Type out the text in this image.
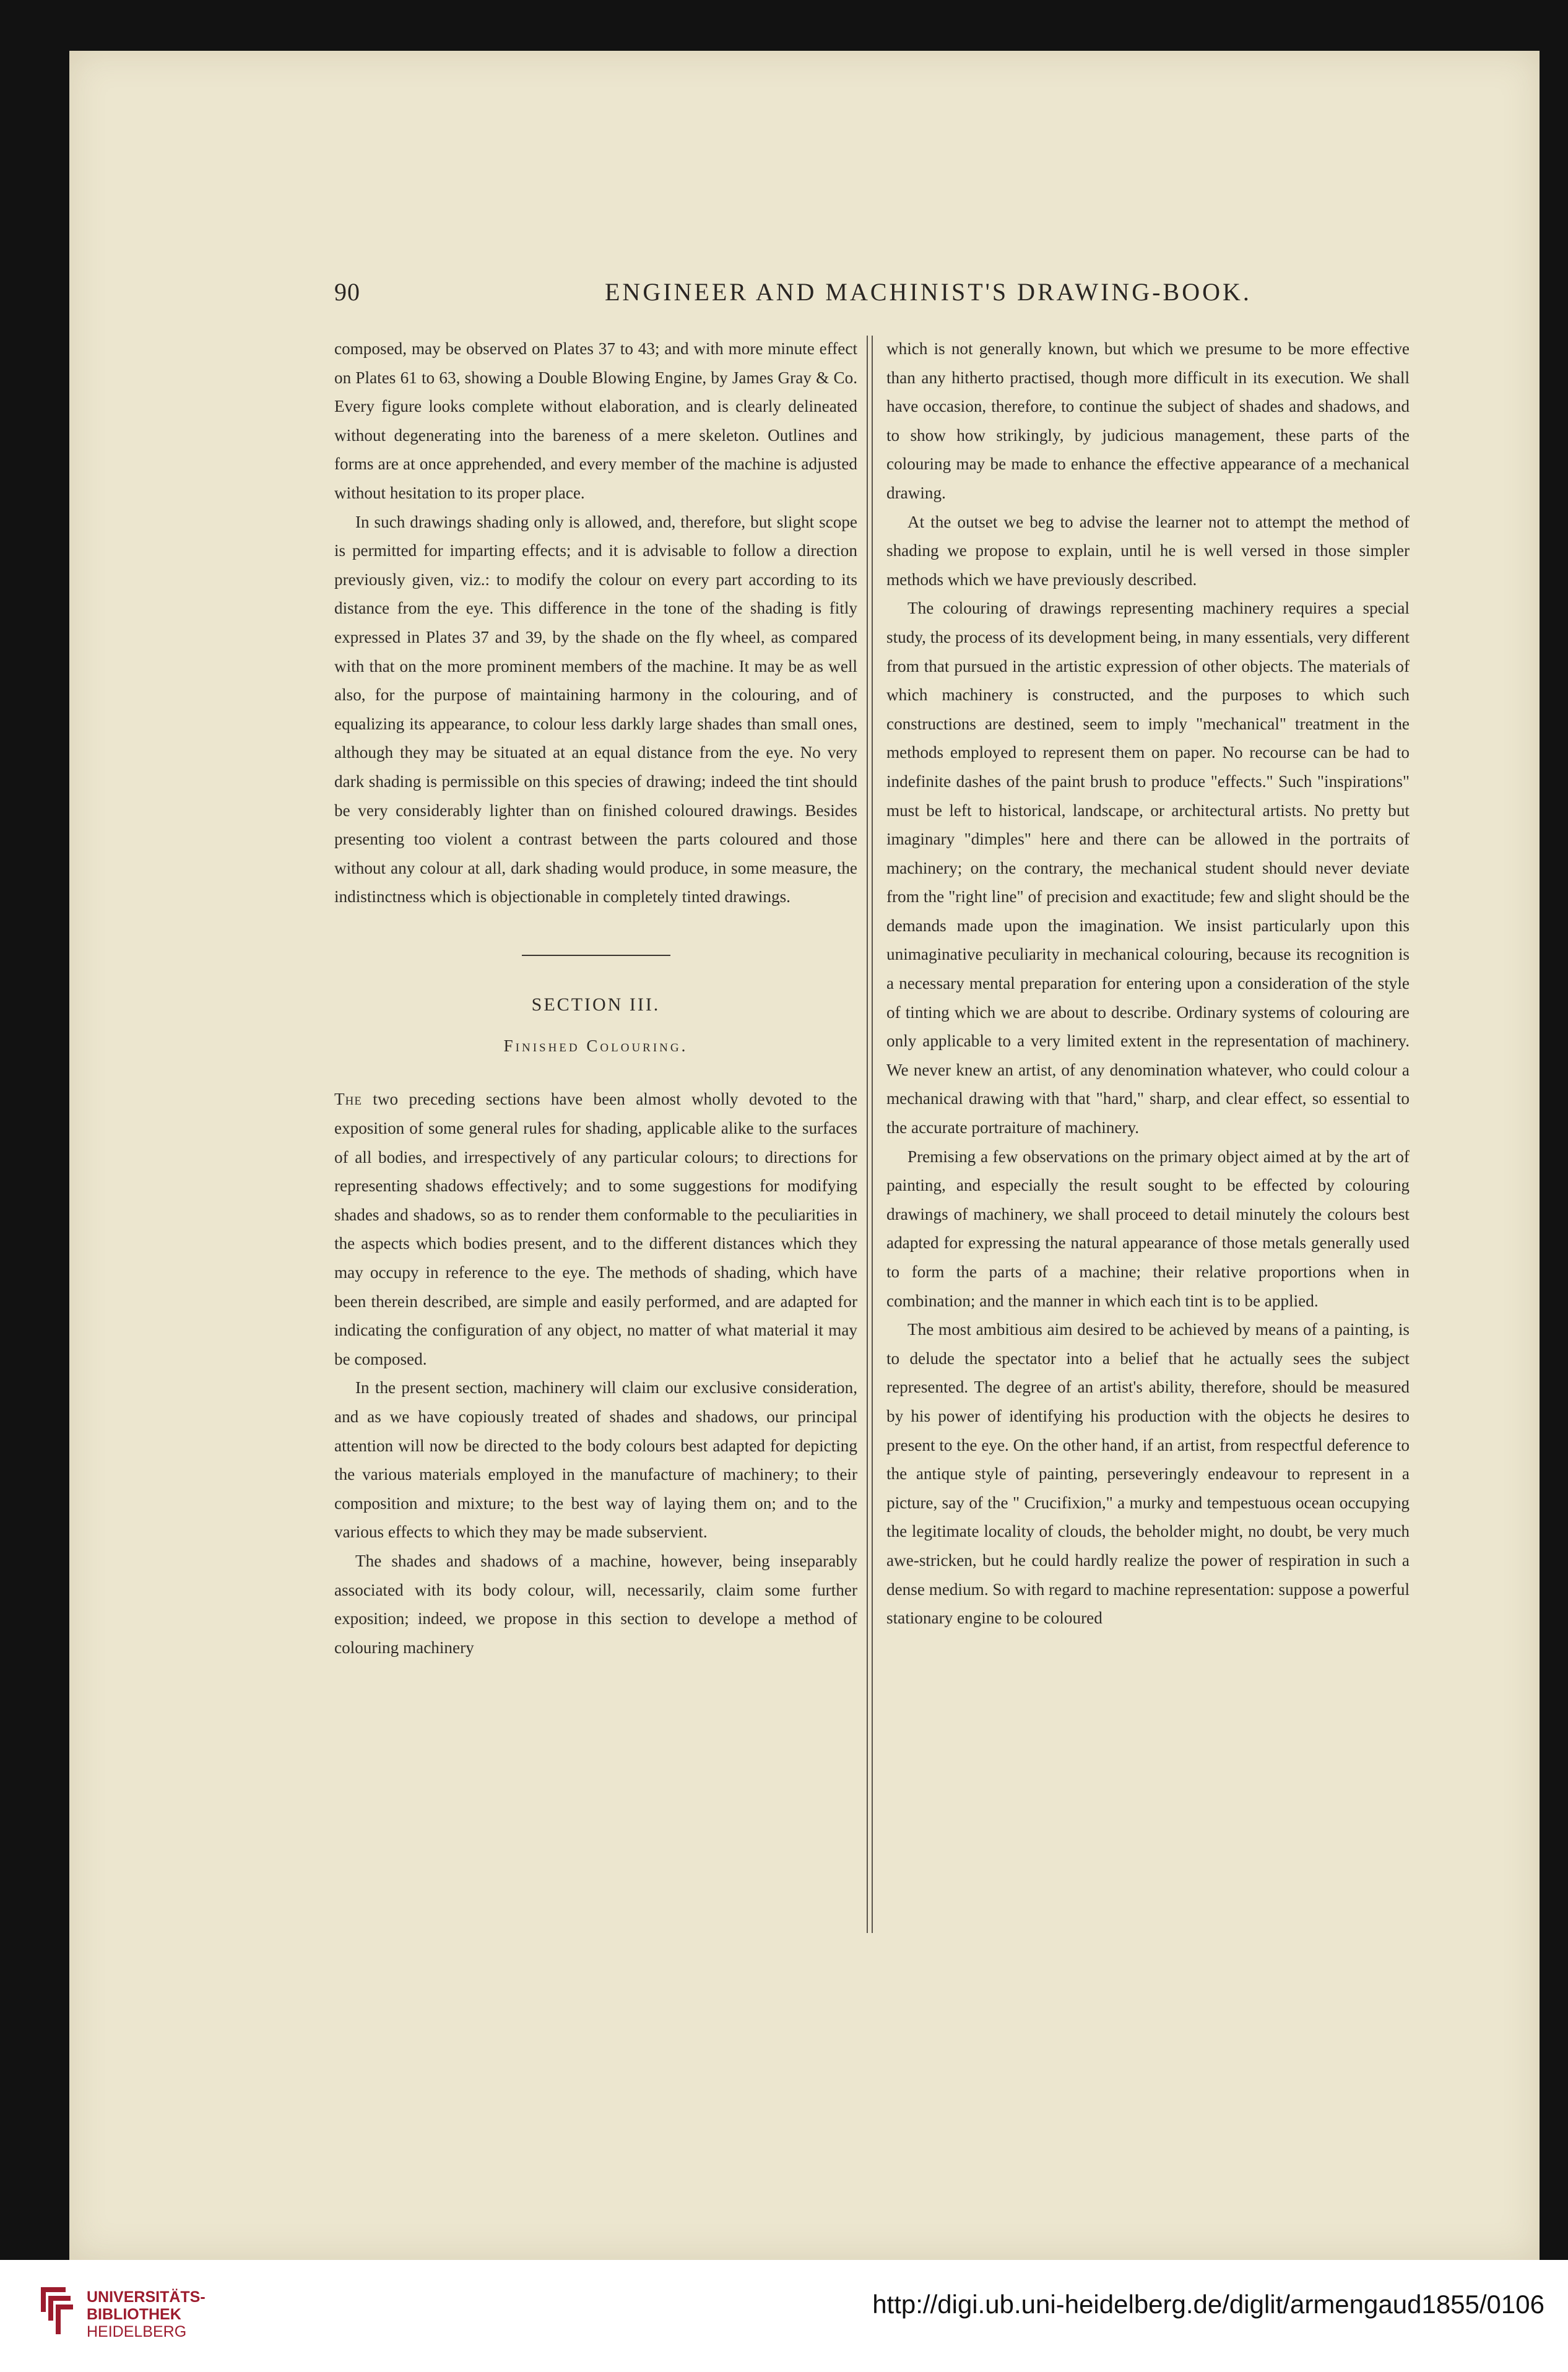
90	ENGINEER AND MACHINIST'S DRAWING-BOOK.

composed, may be observed on Plates 37 to 43; and with more minute effect on Plates 61 to 63, showing a Double Blowing Engine, by James Gray & Co. Every figure looks complete without elaboration, and is clearly delineated without degenerating into the bareness of a mere skeleton. Outlines and forms are at once apprehended, and every member of the machine is adjusted without hesitation to its proper place.

In such drawings shading only is allowed, and, therefore, but slight scope is permitted for imparting effects; and it is advisable to follow a direction previously given, viz.: to modify the colour on every part according to its distance from the eye. This difference in the tone of the shading is fitly expressed in Plates 37 and 39, by the shade on the fly wheel, as compared with that on the more prominent members of the machine. It may be as well also, for the purpose of maintaining harmony in the colouring, and of equalizing its appearance, to colour less darkly large shades than small ones, although they may be situated at an equal distance from the eye. No very dark shading is permissible on this species of drawing; indeed the tint should be very considerably lighter than on finished coloured drawings. Besides presenting too violent a contrast between the parts coloured and those without any colour at all, dark shading would produce, in some measure, the indistinctness which is objectionable in completely tinted drawings.

SECTION III.

Finished Colouring.

The two preceding sections have been almost wholly devoted to the exposition of some general rules for shading, applicable alike to the surfaces of all bodies, and irrespectively of any particular colours; to directions for representing shadows effectively; and to some suggestions for modifying shades and shadows, so as to render them conformable to the peculiarities in the aspects which bodies present, and to the different distances which they may occupy in reference to the eye. The methods of shading, which have been therein described, are simple and easily performed, and are adapted for indicating the configuration of any object, no matter of what material it may be composed.

In the present section, machinery will claim our exclusive consideration, and as we have copiously treated of shades and shadows, our principal attention will now be directed to the body colours best adapted for depicting the various materials employed in the manufacture of machinery; to their composition and mixture; to the best way of laying them on; and to the various effects to which they may be made subservient.

The shades and shadows of a machine, however, being inseparably associated with its body colour, will, necessarily, claim some further exposition; indeed, we propose in this section to develope a method of colouring machinery

which is not generally known, but which we presume to be more effective than any hitherto practised, though more difficult in its execution. We shall have occasion, therefore, to continue the subject of shades and shadows, and to show how strikingly, by judicious management, these parts of the colouring may be made to enhance the effective appearance of a mechanical drawing.

At the outset we beg to advise the learner not to attempt the method of shading we propose to explain, until he is well versed in those simpler methods which we have previously described.

The colouring of drawings representing machinery requires a special study, the process of its development being, in many essentials, very different from that pursued in the artistic expression of other objects. The materials of which machinery is constructed, and the purposes to which such constructions are destined, seem to imply "mechanical" treatment in the methods employed to represent them on paper. No recourse can be had to indefinite dashes of the paint brush to produce "effects." Such "inspirations" must be left to historical, landscape, or architectural artists. No pretty but imaginary "dimples" here and there can be allowed in the portraits of machinery; on the contrary, the mechanical student should never deviate from the "right line" of precision and exactitude; few and slight should be the demands made upon the imagination. We insist particularly upon this unimaginative peculiarity in mechanical colouring, because its recognition is a necessary mental preparation for entering upon a consideration of the style of tinting which we are about to describe. Ordinary systems of colouring are only applicable to a very limited extent in the representation of machinery. We never knew an artist, of any denomination whatever, who could colour a mechanical drawing with that "hard," sharp, and clear effect, so essential to the accurate portraiture of machinery.

Premising a few observations on the primary object aimed at by the art of painting, and especially the result sought to be effected by colouring drawings of machinery, we shall proceed to detail minutely the colours best adapted for expressing the natural appearance of those metals generally used to form the parts of a machine; their relative proportions when in combination; and the manner in which each tint is to be applied.

The most ambitious aim desired to be achieved by means of a painting, is to delude the spectator into a belief that he actually sees the subject represented. The degree of an artist's ability, therefore, should be measured by his power of identifying his production with the objects he desires to present to the eye. On the other hand, if an artist, from respectful deference to the antique style of painting, perseveringly endeavour to represent in a picture, say of the " Crucifixion," a murky and tempestuous ocean occupying the legitimate locality of clouds, the beholder might, no doubt, be very much awe-stricken, but he could hardly realize the power of respiration in such a dense medium. So with regard to machine representation: suppose a powerful stationary engine to be coloured

UNIVERSITÄTS-
BIBLIOTHEK
HEIDELBERG
http://digi.ub.uni-heidelberg.de/diglit/armengaud1855/0106
